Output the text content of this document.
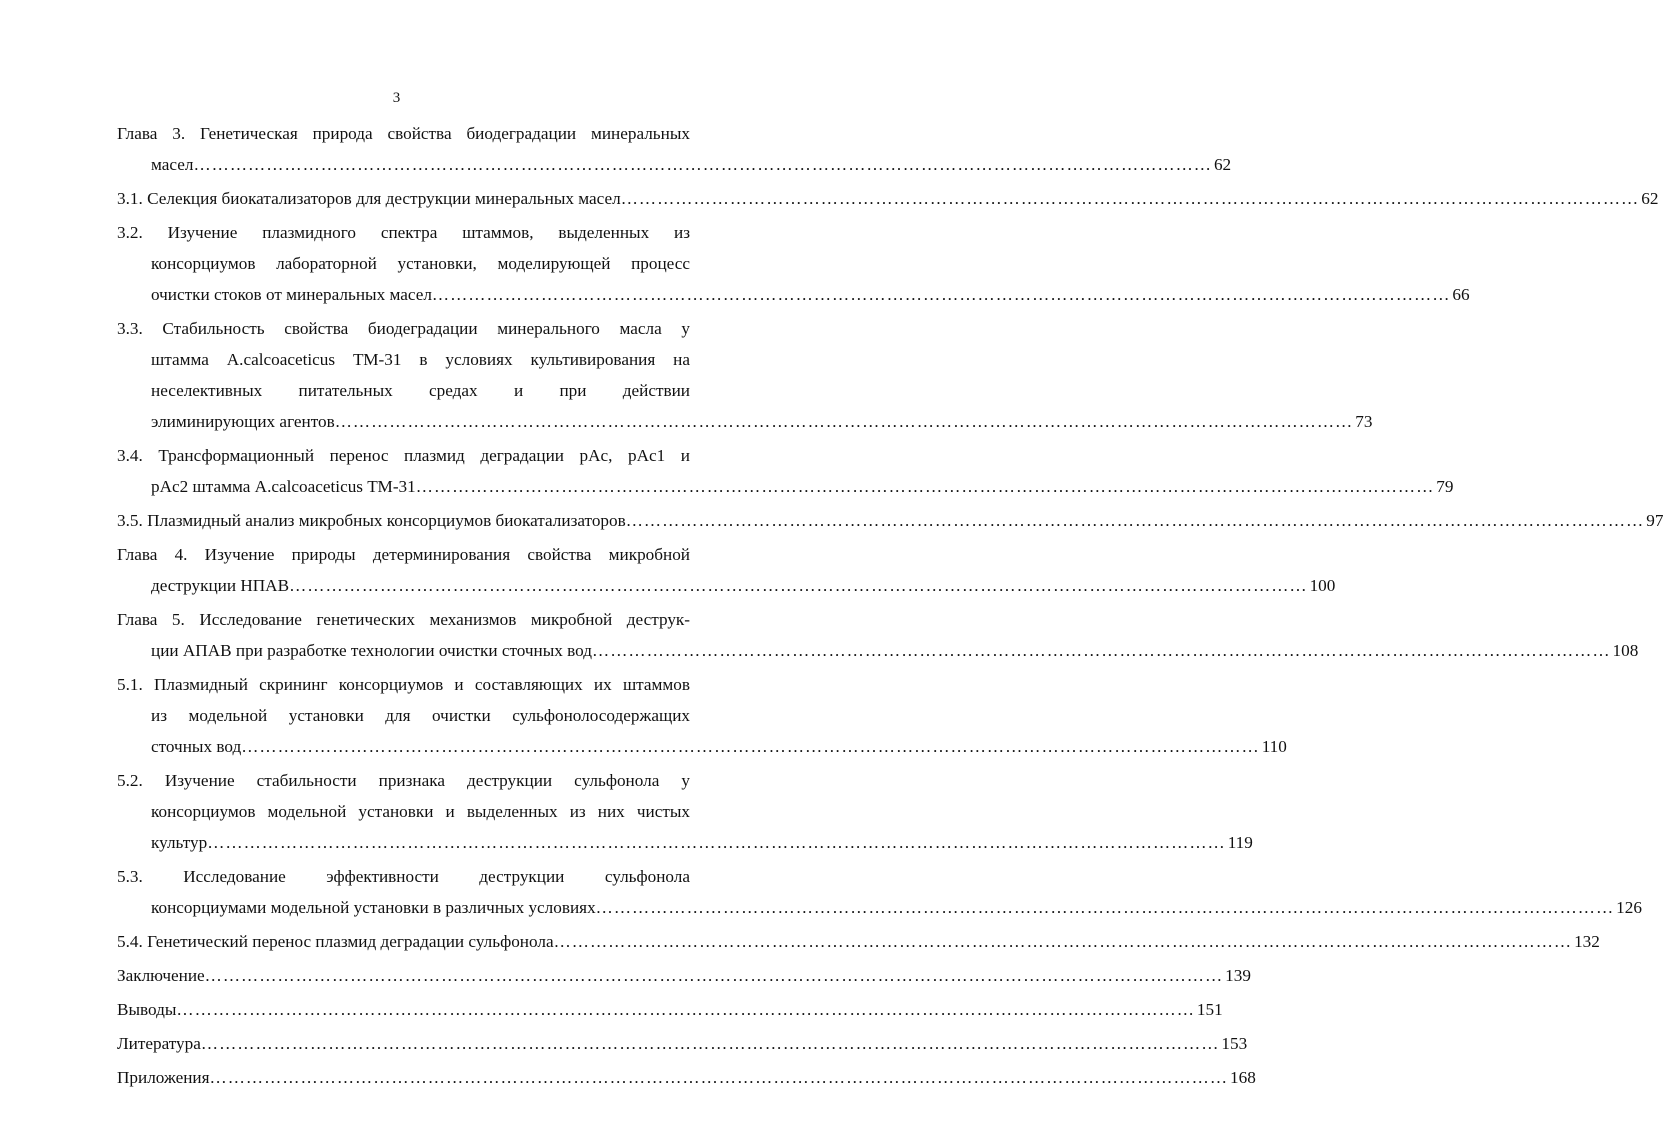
3
Глава 3. Генетическая природа свойства биодеградации минеральных
масел ……………………………………………………………………………………………………………………………………………………	62
3.1. Селекция биокатализаторов для деструкции минеральных масел ……………………………………………………………………………………………………………………………………………………	62
3.2. Изучение плазмидного спектра штаммов, выделенных из
консорциумов лабораторной установки, моделирующей процесс
очистки стоков от минеральных масел ……………………………………………………………………………………………………………………………………………………	66
3.3. Стабильность свойства биодеградации минерального масла у
штамма A.calcoaceticus ТМ-31 в условиях культивирования на
неселективных питательных средах и при действии
элиминирующих агентов ……………………………………………………………………………………………………………………………………………………	73
3.4. Трансформационный перенос плазмид деградации pAc, pAc1 и
pAc2 штамма A.calcoaceticus ТМ-31 ……………………………………………………………………………………………………………………………………………………	79
3.5. Плазмидный анализ микробных консорциумов биокатализаторов ……………………………………………………………………………………………………………………………………………………	97
Глава 4. Изучение природы детерминирования свойства микробной
деструкции НПАВ ……………………………………………………………………………………………………………………………………………………	100
Глава 5. Исследование генетических механизмов микробной деструк-
ции АПАВ при разработке технологии очистки сточных вод ……………………………………………………………………………………………………………………………………………………	108
5.1. Плазмидный скрининг консорциумов и составляющих их штаммов
из модельной установки для очистки сульфонолосодержащих
сточных вод ……………………………………………………………………………………………………………………………………………………	110
5.2. Изучение стабильности признака деструкции сульфонола у
консорциумов модельной установки и выделенных из них чистых
культур ……………………………………………………………………………………………………………………………………………………	119
5.3. Исследование эффективности деструкции сульфонола
консорциумами модельной установки в различных условиях ……………………………………………………………………………………………………………………………………………………	126
5.4. Генетический перенос плазмид деградации сульфонола ……………………………………………………………………………………………………………………………………………………	132
Заключение ……………………………………………………………………………………………………………………………………………………	139
Выводы ……………………………………………………………………………………………………………………………………………………	151
Литература ……………………………………………………………………………………………………………………………………………………	153
Приложения ……………………………………………………………………………………………………………………………………………………	168
